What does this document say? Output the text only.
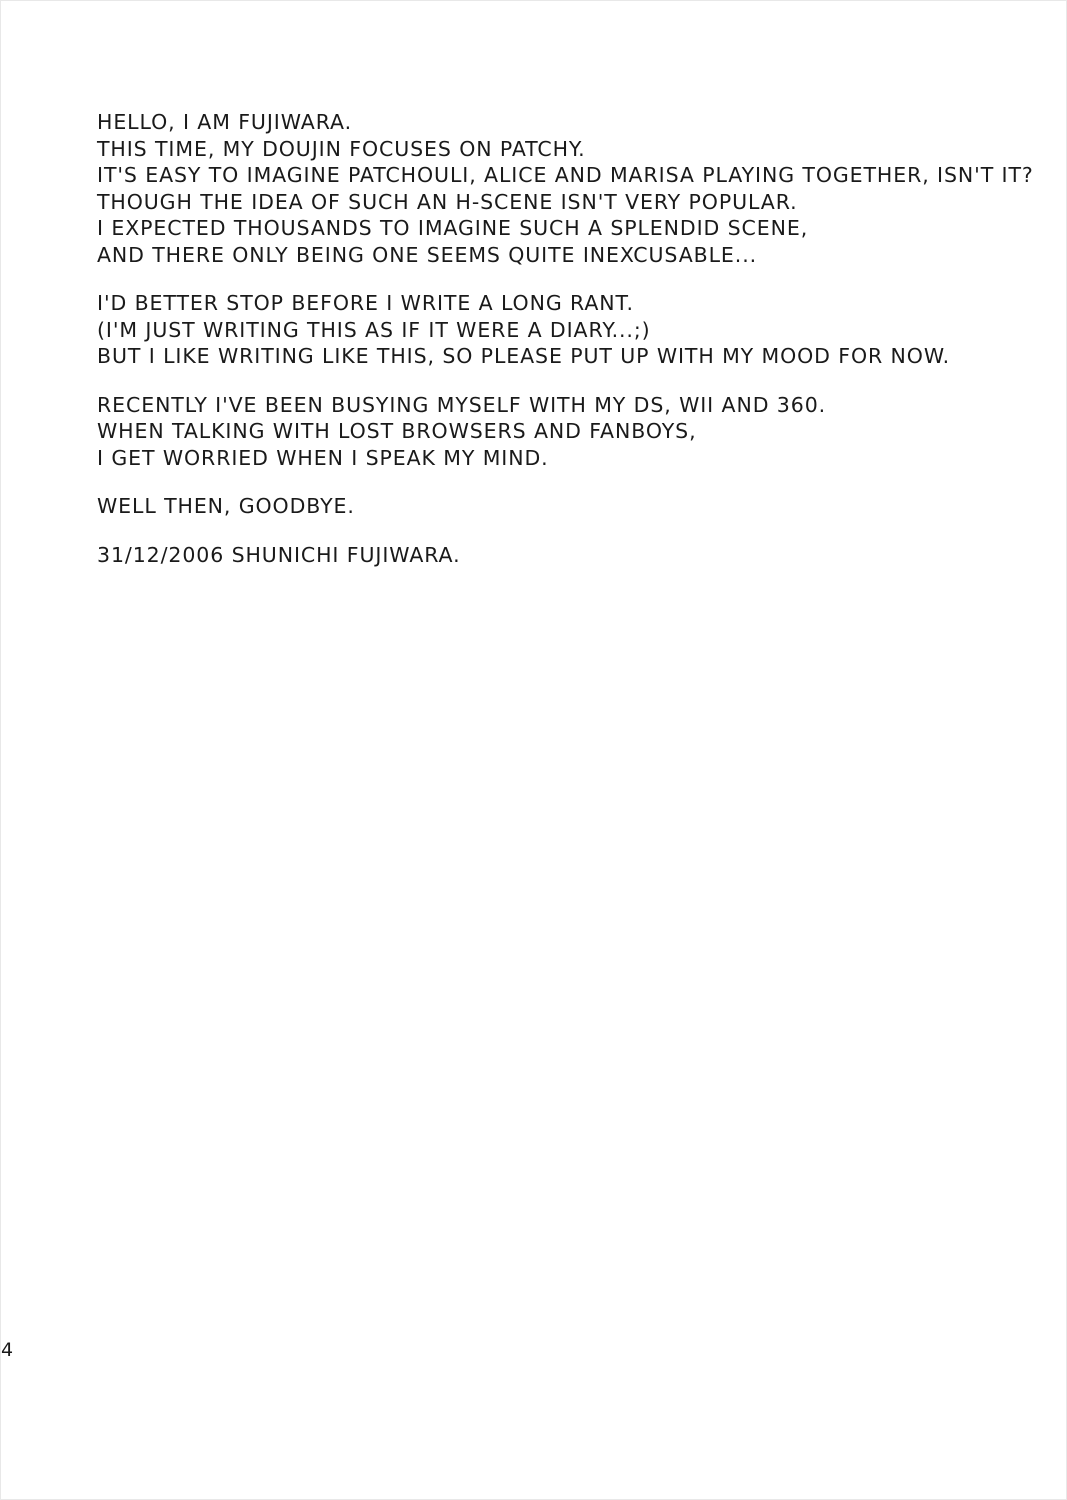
HELLO, I AM FUJIWARA.
THIS TIME, MY DOUJIN FOCUSES ON PATCHY.
IT'S EASY TO IMAGINE PATCHOULI, ALICE AND MARISA PLAYING TOGETHER, ISN'T IT?
THOUGH THE IDEA OF SUCH AN H-SCENE ISN'T VERY POPULAR.
I EXPECTED THOUSANDS TO IMAGINE SUCH A SPLENDID SCENE,
AND THERE ONLY BEING ONE SEEMS QUITE INEXCUSABLE...
I'D BETTER STOP BEFORE I WRITE A LONG RANT.
(I'M JUST WRITING THIS AS IF IT WERE A DIARY...;)
BUT I LIKE WRITING LIKE THIS, SO PLEASE PUT UP WITH MY MOOD FOR NOW.
RECENTLY I'VE BEEN BUSYING MYSELF WITH MY DS, WII AND 360.
WHEN TALKING WITH LOST BROWSERS AND FANBOYS,
I GET WORRIED WHEN I SPEAK MY MIND.
WELL THEN, GOODBYE.
31/12/2006 SHUNICHI FUJIWARA.
4
